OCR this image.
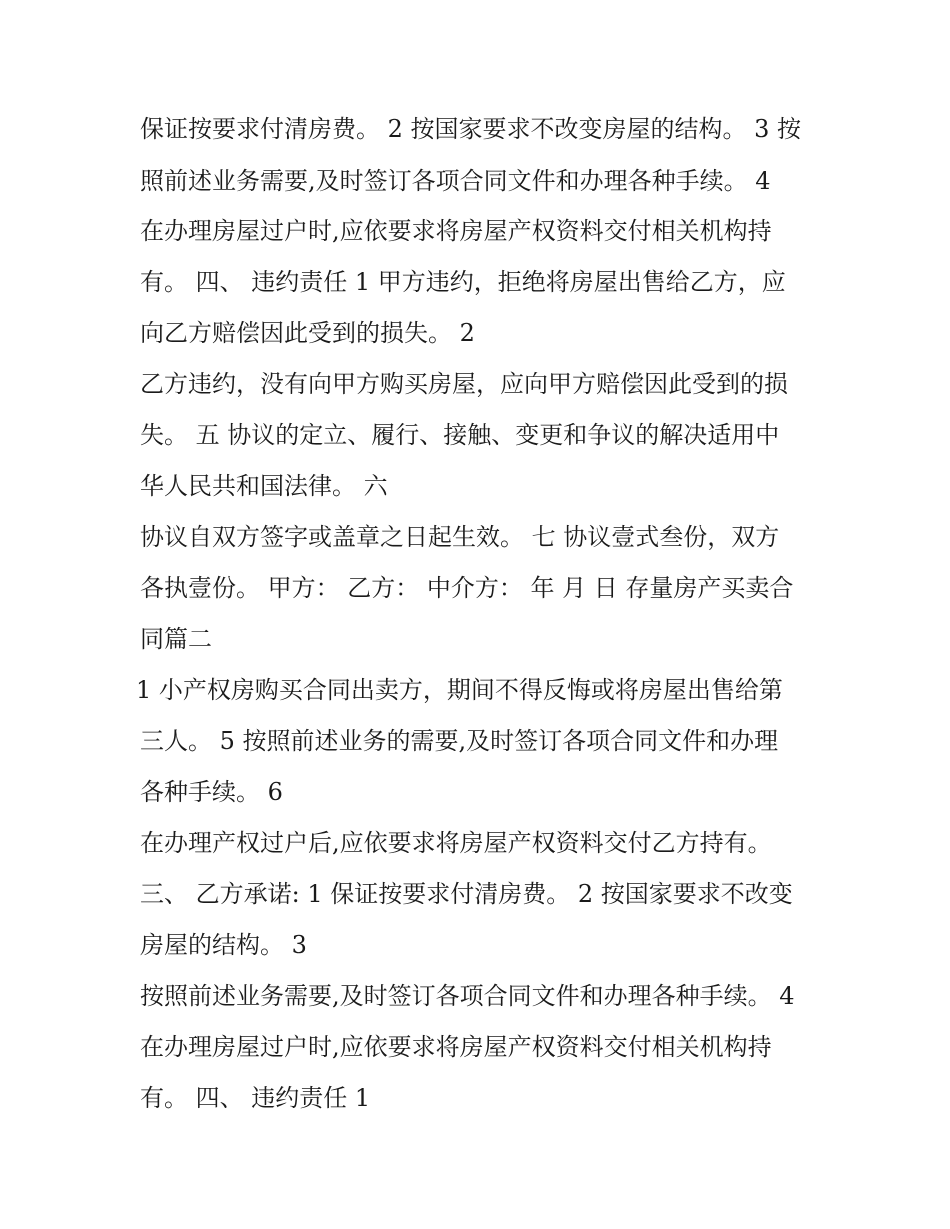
保证按要求付清房费。 2 按国家要求不改变房屋的结构。 3 按
照前述业务需要,及时签订各项合同文件和办理各种手续。 4
在办理房屋过户时,应依要求将房屋产权资料交付相关机构持
有。 四、 违约责任 1 甲方违约，拒绝将房屋出售给乙方，应
向乙方赔偿因此受到的损失。 2
乙方违约，没有向甲方购买房屋，应向甲方赔偿因此受到的损
失。 五 协议的定立、履行、接触、变更和争议的解决适用中
华人民共和国法律。 六
协议自双方签字或盖章之日起生效。 七 协议壹式叁份，双方
各执壹份。 甲方： 乙方： 中介方： 年 月 日 存量房产买卖合
同篇二
1 小产权房购买合同出卖方，期间不得反悔或将房屋出售给第
三人。 5 按照前述业务的需要,及时签订各项合同文件和办理
各种手续。 6
在办理产权过户后,应依要求将房屋产权资料交付乙方持有。
三、 乙方承诺: 1 保证按要求付清房费。 2 按国家要求不改变
房屋的结构。 3
按照前述业务需要,及时签订各项合同文件和办理各种手续。 4
在办理房屋过户时,应依要求将房屋产权资料交付相关机构持
有。 四、 违约责任 1
